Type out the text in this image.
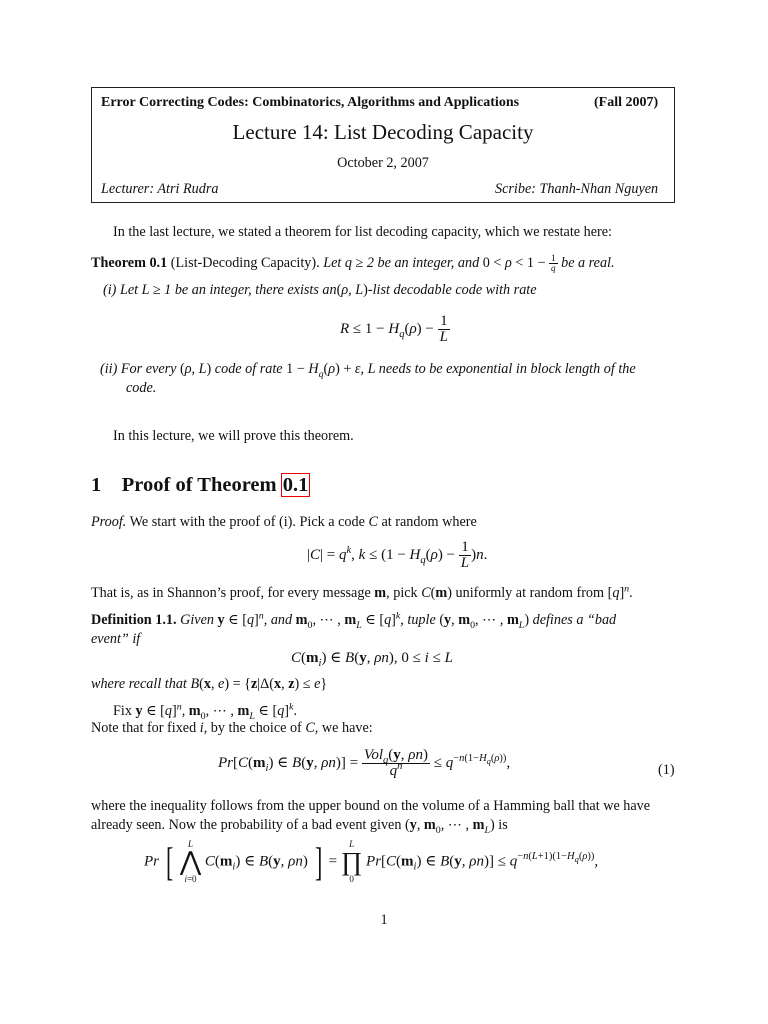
Error Correcting Codes: Combinatorics, Algorithms and Applications	(Fall 2007)
Lecture 14: List Decoding Capacity
October 2, 2007
Lecturer: Atri Rudra	Scribe: Thanh-Nhan Nguyen
In the last lecture, we stated a theorem for list decoding capacity, which we restate here:
Theorem 0.1 (List-Decoding Capacity). Let q ≥ 2 be an integer, and $0 < \rho < 1 - \frac{1}{q}$ be a real.
(i) Let L ≥ 1 be an integer, there exists an(ρ, L)-list decodable code with rate
$R \le 1 - H_q(\rho) - \frac{1}{L}$
(ii) For every (ρ, L) code of rate $1 - H_q(\rho) + \varepsilon$, L needs to be exponential in block length of the
code.
In this lecture, we will prove this theorem.
1 Proof of Theorem 0.1
Proof. We start with the proof of (i). Pick a code C at random where
$|C| = q^k$, $k \le (1 - H_q(\rho) - \frac{1}{L} )n$.
That is, as in Shannon’s proof, for every message m, pick C(m) uniformly at random from $[q]^n$.
Definition 1.1. Given y ∈ $[q]^n$, and $m_0$, ⋯ , $m_L$ ∈ $[q]^k$, tuple (y, $m_0$, ⋯ , $m_L$) defines a “bad
event” if
$C(m_i)$ ∈ B(y, ρn), 0 ≤ i ≤ L
where recall that B(x, e) = {z|Δ(x, z) ≤ e}
Fix y ∈ $[q]^n$, $m_0$, ⋯ , $m_L$ ∈ $[q]^k$.
Note that for fixed i, by the choice of C, we have:
$Pr[C(m_i)$ ∈ B(y, $\rho n)] = \frac{Vol_q(y, \rho n)}{q^n} \le q^{-n(1-H_q(\rho))}$,	(1)
where the inequality follows from the upper bound on the volume of a Hamming ball that we have
already seen. Now the probability of a bad event given (y, $m_0$, ⋯ , $m_L$) is
Pr [	L
⋀
i=0
$C(m_i)$ ∈ B(y, ρn) ] =
L
∏
0
$Pr[C(m_i)$ ∈ B(y, $\rho n)] \le q^{-n(L+1)(1-H_q(\rho))}$,
1
